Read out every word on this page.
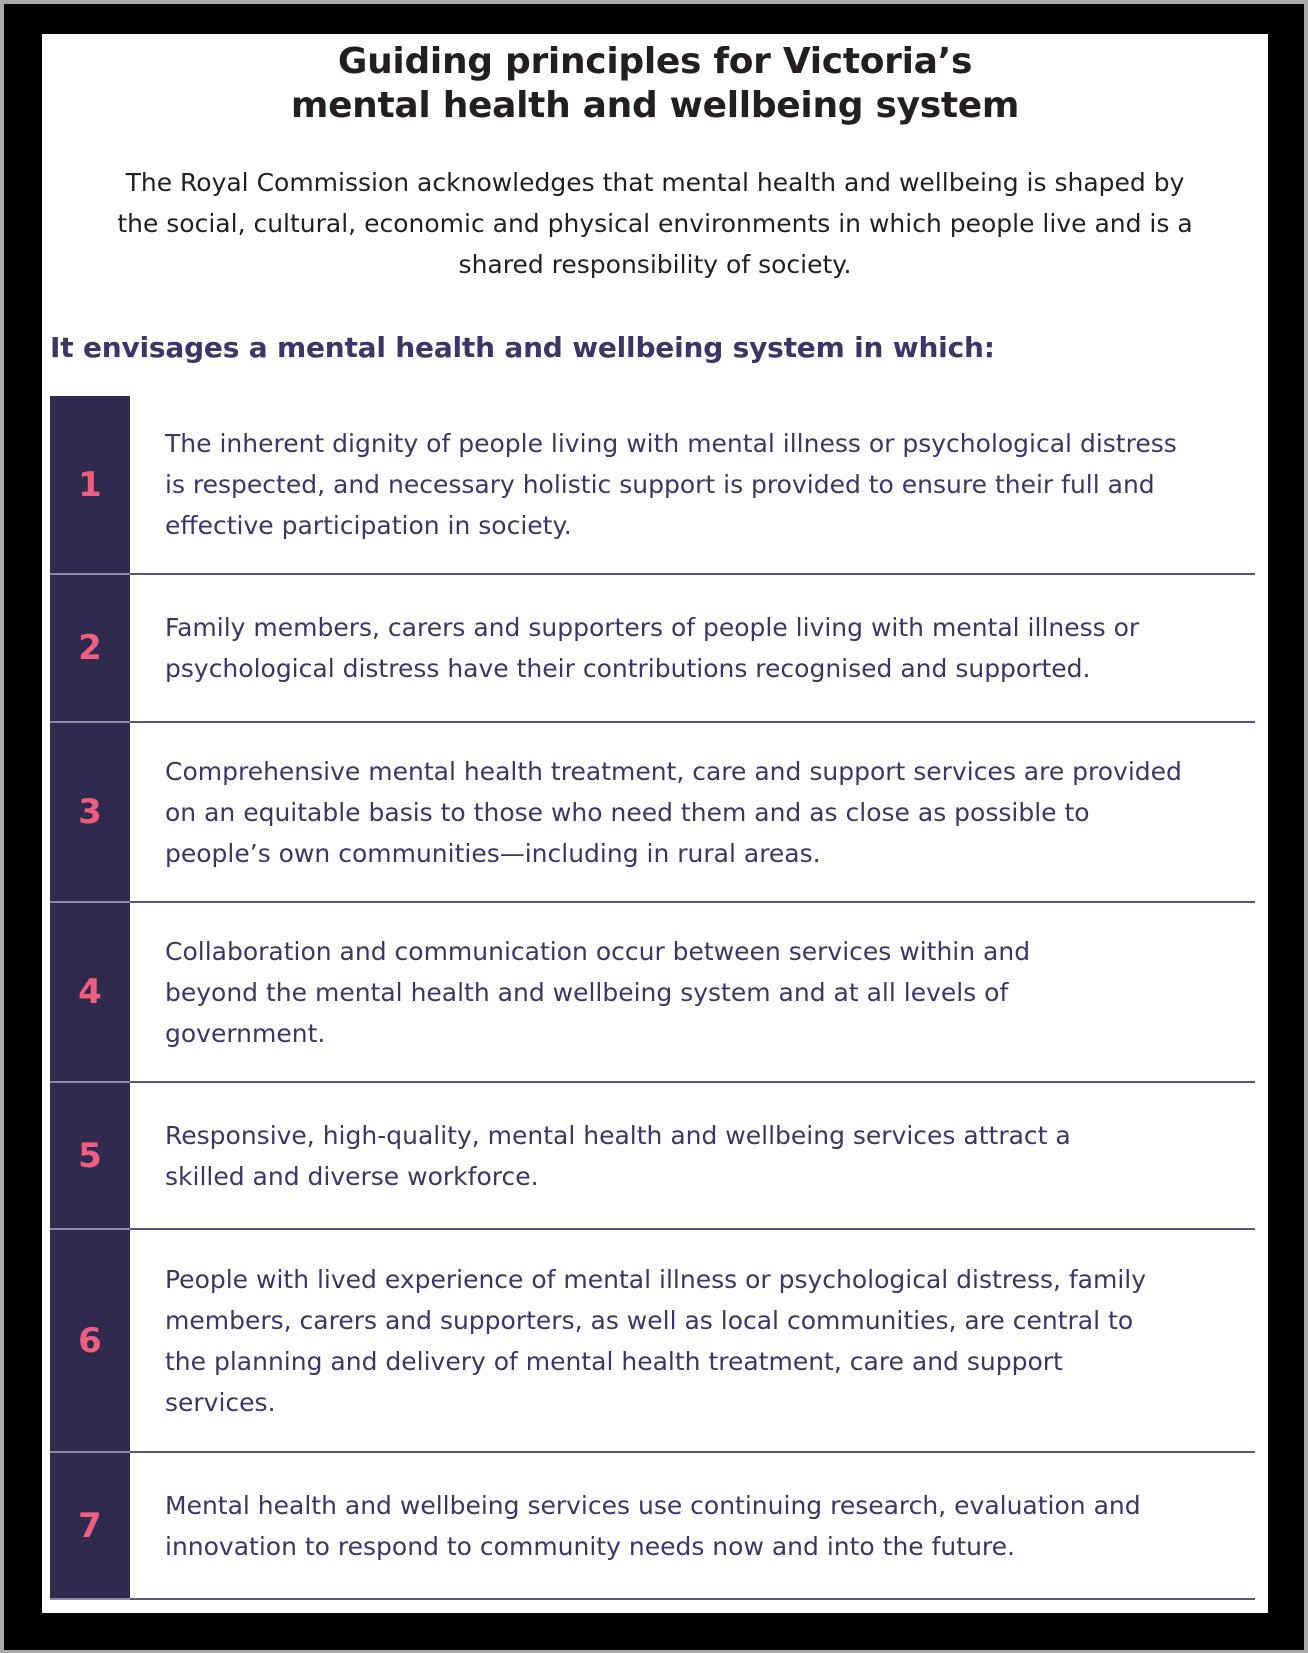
Guiding principles for Victoria’s
mental health and wellbeing system

The Royal Commission acknowledges that mental health and wellbeing is shaped by the social, cultural, economic and physical environments in which people live and is a shared responsibility of society.

It envisages a mental health and wellbeing system in which:
1
The inherent dignity of people living with mental illness or psychological distress is respected, and necessary holistic support is provided to ensure their full and effective participation in society.
2
Family members, carers and supporters of people living with mental illness or psychological distress have their contributions recognised and supported.
3
Comprehensive mental health treatment, care and support services are provided on an equitable basis to those who need them and as close as possible to people’s own communities—including in rural areas.
4
Collaboration and communication occur between services within and beyond the mental health and wellbeing system and at all levels of government.
5
Responsive, high-quality, mental health and wellbeing services attract a skilled and diverse workforce.
6
People with lived experience of mental illness or psychological distress, family members, carers and supporters, as well as local communities, are central to the planning and delivery of mental health treatment, care and support services.
7
Mental health and wellbeing services use continuing research, evaluation and innovation to respond to community needs now and into the future.
